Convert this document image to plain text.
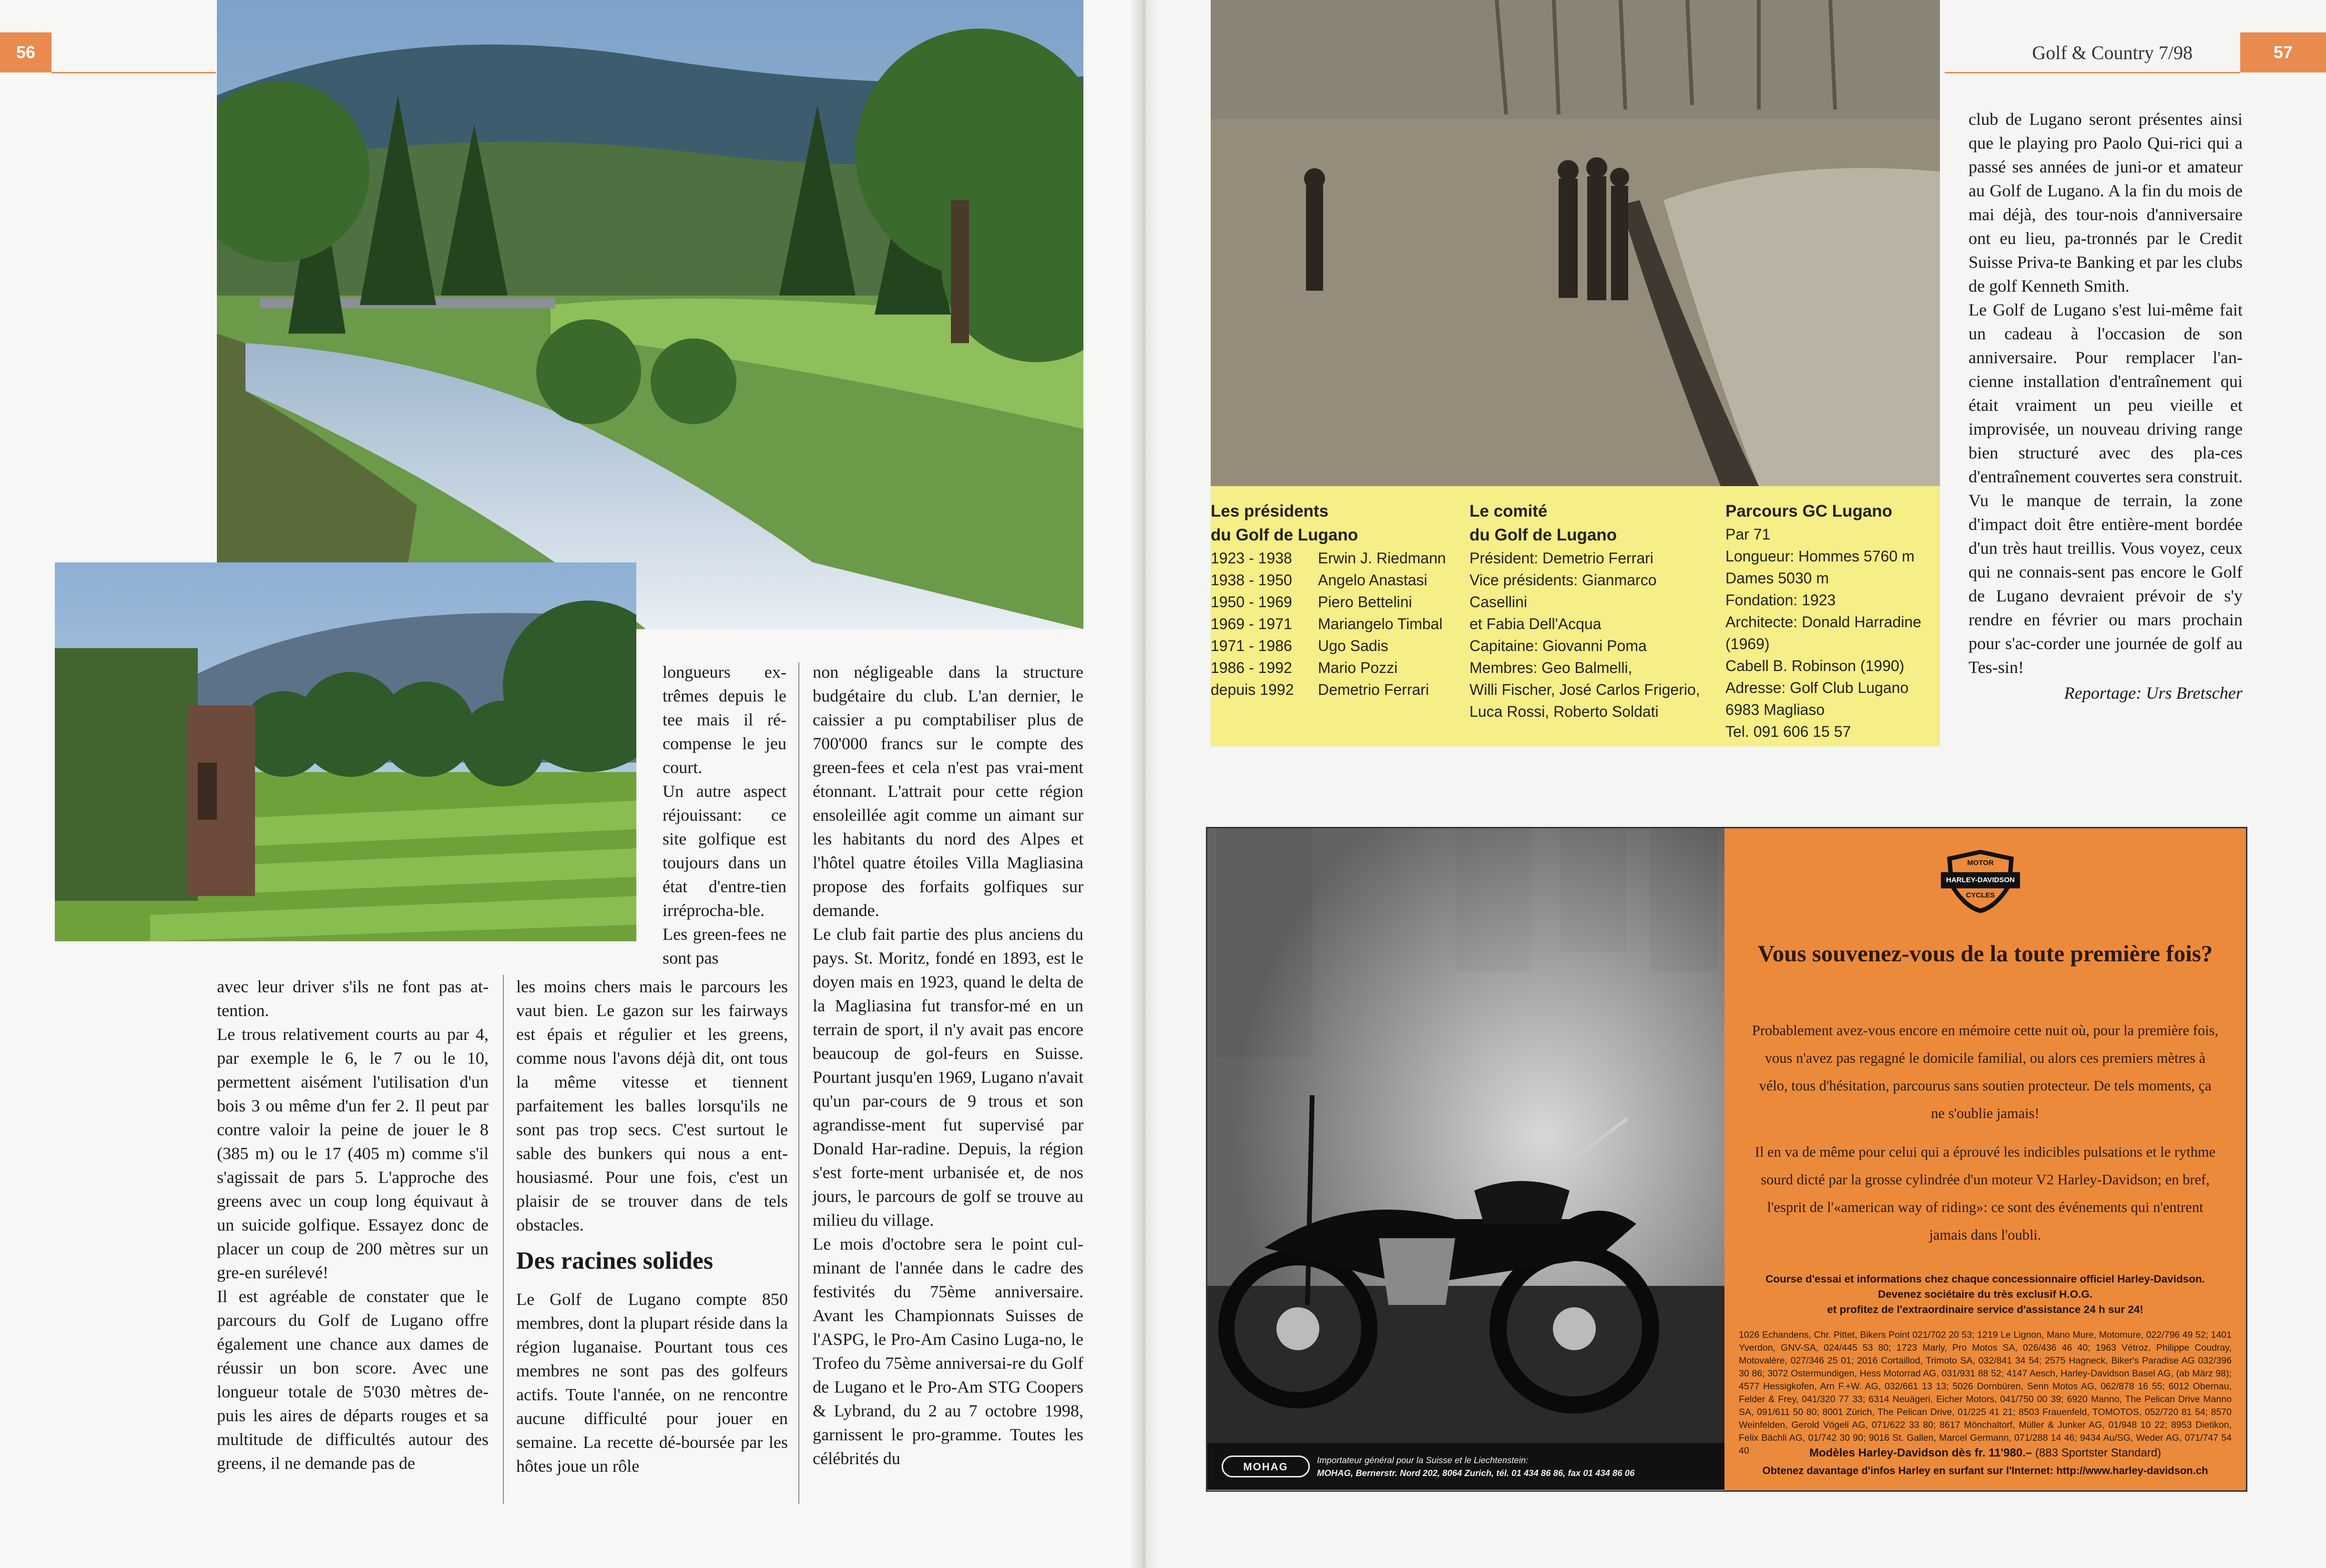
56	Golf & Country 7/98	57

longueurs ex-trêmes depuis le tee mais il ré-compense le jeu court.

Un autre aspect réjouissant: ce site golfique est toujours dans un état d'entre-tien irréprocha-ble. Les green-fees ne sont pas

avec leur driver s'ils ne font pas at-tention.

Le trous relativement courts au par 4, par exemple le 6, le 7 ou le 10, permettent aisément l'utilisation d'un bois 3 ou même d'un fer 2. Il peut par contre valoir la peine de jouer le 8 (385 m) ou le 17 (405 m) comme s'il s'agissait de pars 5. L'approche des greens avec un coup long équivaut à un suicide golfique. Essayez donc de placer un coup de 200 mètres sur un gre-en surélevé!

Il est agréable de constater que le parcours du Golf de Lugano offre également une chance aux dames de réussir un bon score. Avec une longueur totale de 5'030 mètres de-puis les aires de départs rouges et sa multitude de difficultés autour des greens, il ne demande pas de

les moins chers mais le parcours les vaut bien. Le gazon sur les fairways est épais et régulier et les greens, comme nous l'avons déjà dit, ont tous la même vitesse et tiennent parfaitement les balles lorsqu'ils ne sont pas trop secs. C'est surtout le sable des bunkers qui nous a ent-housiasmé. Pour une fois, c'est un plaisir de se trouver dans de tels obstacles.

Des racines solides

Le Golf de Lugano compte 850 membres, dont la plupart réside dans la région luganaise. Pourtant tous ces membres ne sont pas des golfeurs actifs. Toute l'année, on ne rencontre aucune difficulté pour jouer en semaine. La recette dé-boursée par les hôtes joue un rôle

non négligeable dans la structure budgétaire du club. L'an dernier, le caissier a pu comptabiliser plus de 700'000 francs sur le compte des green-fees et cela n'est pas vrai-ment étonnant. L'attrait pour cette région ensoleillée agit comme un aimant sur les habitants du nord des Alpes et l'hôtel quatre étoiles Villa Magliasina propose des forfaits golfiques sur demande.

Le club fait partie des plus anciens du pays. St. Moritz, fondé en 1893, est le doyen mais en 1923, quand le delta de la Magliasina fut transfor-mé en un terrain de sport, il n'y avait pas encore beaucoup de gol-feurs en Suisse. Pourtant jusqu'en 1969, Lugano n'avait qu'un par-cours de 9 trous et son agrandisse-ment fut supervisé par Donald Har-radine. Depuis, la région s'est forte-ment urbanisée et, de nos jours, le parcours de golf se trouve au milieu du village.

Le mois d'octobre sera le point cul-minant de l'année dans le cadre des festivités du 75ème anniversaire. Avant les Championnats Suisses de l'ASPG, le Pro-Am Casino Luga-no, le Trofeo du 75ème anniversai-re du Golf de Lugano et le Pro-Am STG Coopers & Lybrand, du 2 au 7 octobre 1998, garnissent le pro-gramme. Toutes les célébrités du

Les présidents
du Golf de Lugano
1923 - 1938	Erwin J. Riedmann
1938 - 1950	Angelo Anastasi
1950 - 1969	Piero Bettelini
1969 - 1971	Mariangelo Timbal
1971 - 1986	Ugo Sadis
1986 - 1992	Mario Pozzi
depuis 1992	Demetrio Ferrari
Le comité
du Golf de Lugano
Président: Demetrio Ferrari
Vice présidents: Gianmarco Casellini
et Fabia Dell'Acqua
Capitaine: Giovanni Poma
Membres: Geo Balmelli,
Willi Fischer, José Carlos Frigerio,
Luca Rossi, Roberto Soldati
Parcours GC Lugano
Par 71
Longueur: Hommes 5760 m
Dames 5030 m
Fondation: 1923
Architecte: Donald Harradine
(1969)
Cabell B. Robinson (1990)
Adresse: Golf Club Lugano
6983 Magliaso
Tel. 091 606 15 57

club de Lugano seront présentes ainsi que le playing pro Paolo Qui-rici qui a passé ses années de juni-or et amateur au Golf de Lugano. A la fin du mois de mai déjà, des tour-nois d'anniversaire ont eu lieu, pa-tronnés par le Credit Suisse Priva-te Banking et par les clubs de golf Kenneth Smith.

Le Golf de Lugano s'est lui-même fait un cadeau à l'occasion de son anniversaire. Pour remplacer l'an-cienne installation d'entraînement qui était vraiment un peu vieille et improvisée, un nouveau driving range bien structuré avec des pla-ces d'entraînement couvertes sera construit. Vu le manque de terrain, la zone d'impact doit être entière-ment bordée d'un très haut treillis. Vous voyez, ceux qui ne connais-sent pas encore le Golf de Lugano devraient prévoir de s'y rendre en février ou mars prochain pour s'ac-corder une journée de golf au Tes-sin!

Reportage: Urs Bretscher

MOHAG
Importateur général pour la Suisse et le Liechtenstein:
MOHAG, Bernerstr. Nord 202, 8064 Zurich, tél. 01 434 86 86, fax 01 434 86 06
HARLEY-DAVIDSON
MOTOR
CYCLES
Vous souvenez-vous de la toute première fois?
Probablement avez-vous encore en mémoire cette nuit où, pour la première fois, vous n'avez pas regagné le domicile familial, ou alors ces premiers mètres à vélo, tous d'hésitation, parcourus sans soutien protecteur. De tels moments, ça ne s'oublie jamais!
Il en va de même pour celui qui a éprouvé les indicibles pulsations et le rythme sourd dicté par la grosse cylindrée d'un moteur V2 Harley-Davidson; en bref, l'esprit de l'«american way of riding»: ce sont des événements qui n'entrent jamais dans l'oubli.
Course d'essai et informations chez chaque concessionnaire officiel Harley-Davidson.
Devenez sociétaire du très exclusif H.O.G.
et profitez de l'extraordinaire service d'assistance 24 h sur 24!
1026 Echandens, Chr. Pittet, Bikers Point 021/702 20 53; 1219 Le Lignon, Mano Mure, Motomure, 022/796 49 52; 1401 Yverdon, GNV-SA, 024/445 53 80; 1723 Marly, Pro Motos SA, 026/436 46 40; 1963 Vétroz, Philippe Coudray, Motovalère, 027/346 25 01; 2016 Cortaillod, Trimoto SA, 032/841 34 54; 2575 Hagneck, Biker's Paradise AG 032/396 30 86; 3072 Ostermundigen, Hess Motorrad AG, 031/931 88 52; 4147 Aesch, Harley-Davidson Basel AG, (ab März 98); 4577 Hessigkofen, Arn F.+W. AG, 032/661 13 13; 5026 Dornbüren, Senn Motos AG, 062/878 16 55; 6012 Obernau, Felder & Frey, 041/320 77 33; 6314 Neuägeri, Eicher Motors, 041/750 00 39; 6920 Manno, The Pelican Drive Manno SA, 091/611 50 80; 8001 Zürich, The Pelican Drive, 01/225 41 21; 8503 Frauenfeld, TOMOTOS, 052/720 81 54; 8570 Weinfelden, Gerold Vögeli AG, 071/622 33 80; 8617 Mönchaltorf, Müller & Junker AG, 01/948 10 22; 8953 Dietikon, Felix Bächli AG, 01/742 30 90; 9016 St. Gallen, Marcel Germann, 071/288 14 46; 9434 Au/SG, Weder AG, 071/747 54 40	Modèles Harley-Davidson dès fr. 11'980.– (883 Sportster Standard)
Obtenez davantage d'infos Harley en surfant sur l'Internet: http://www.harley-davidson.ch
